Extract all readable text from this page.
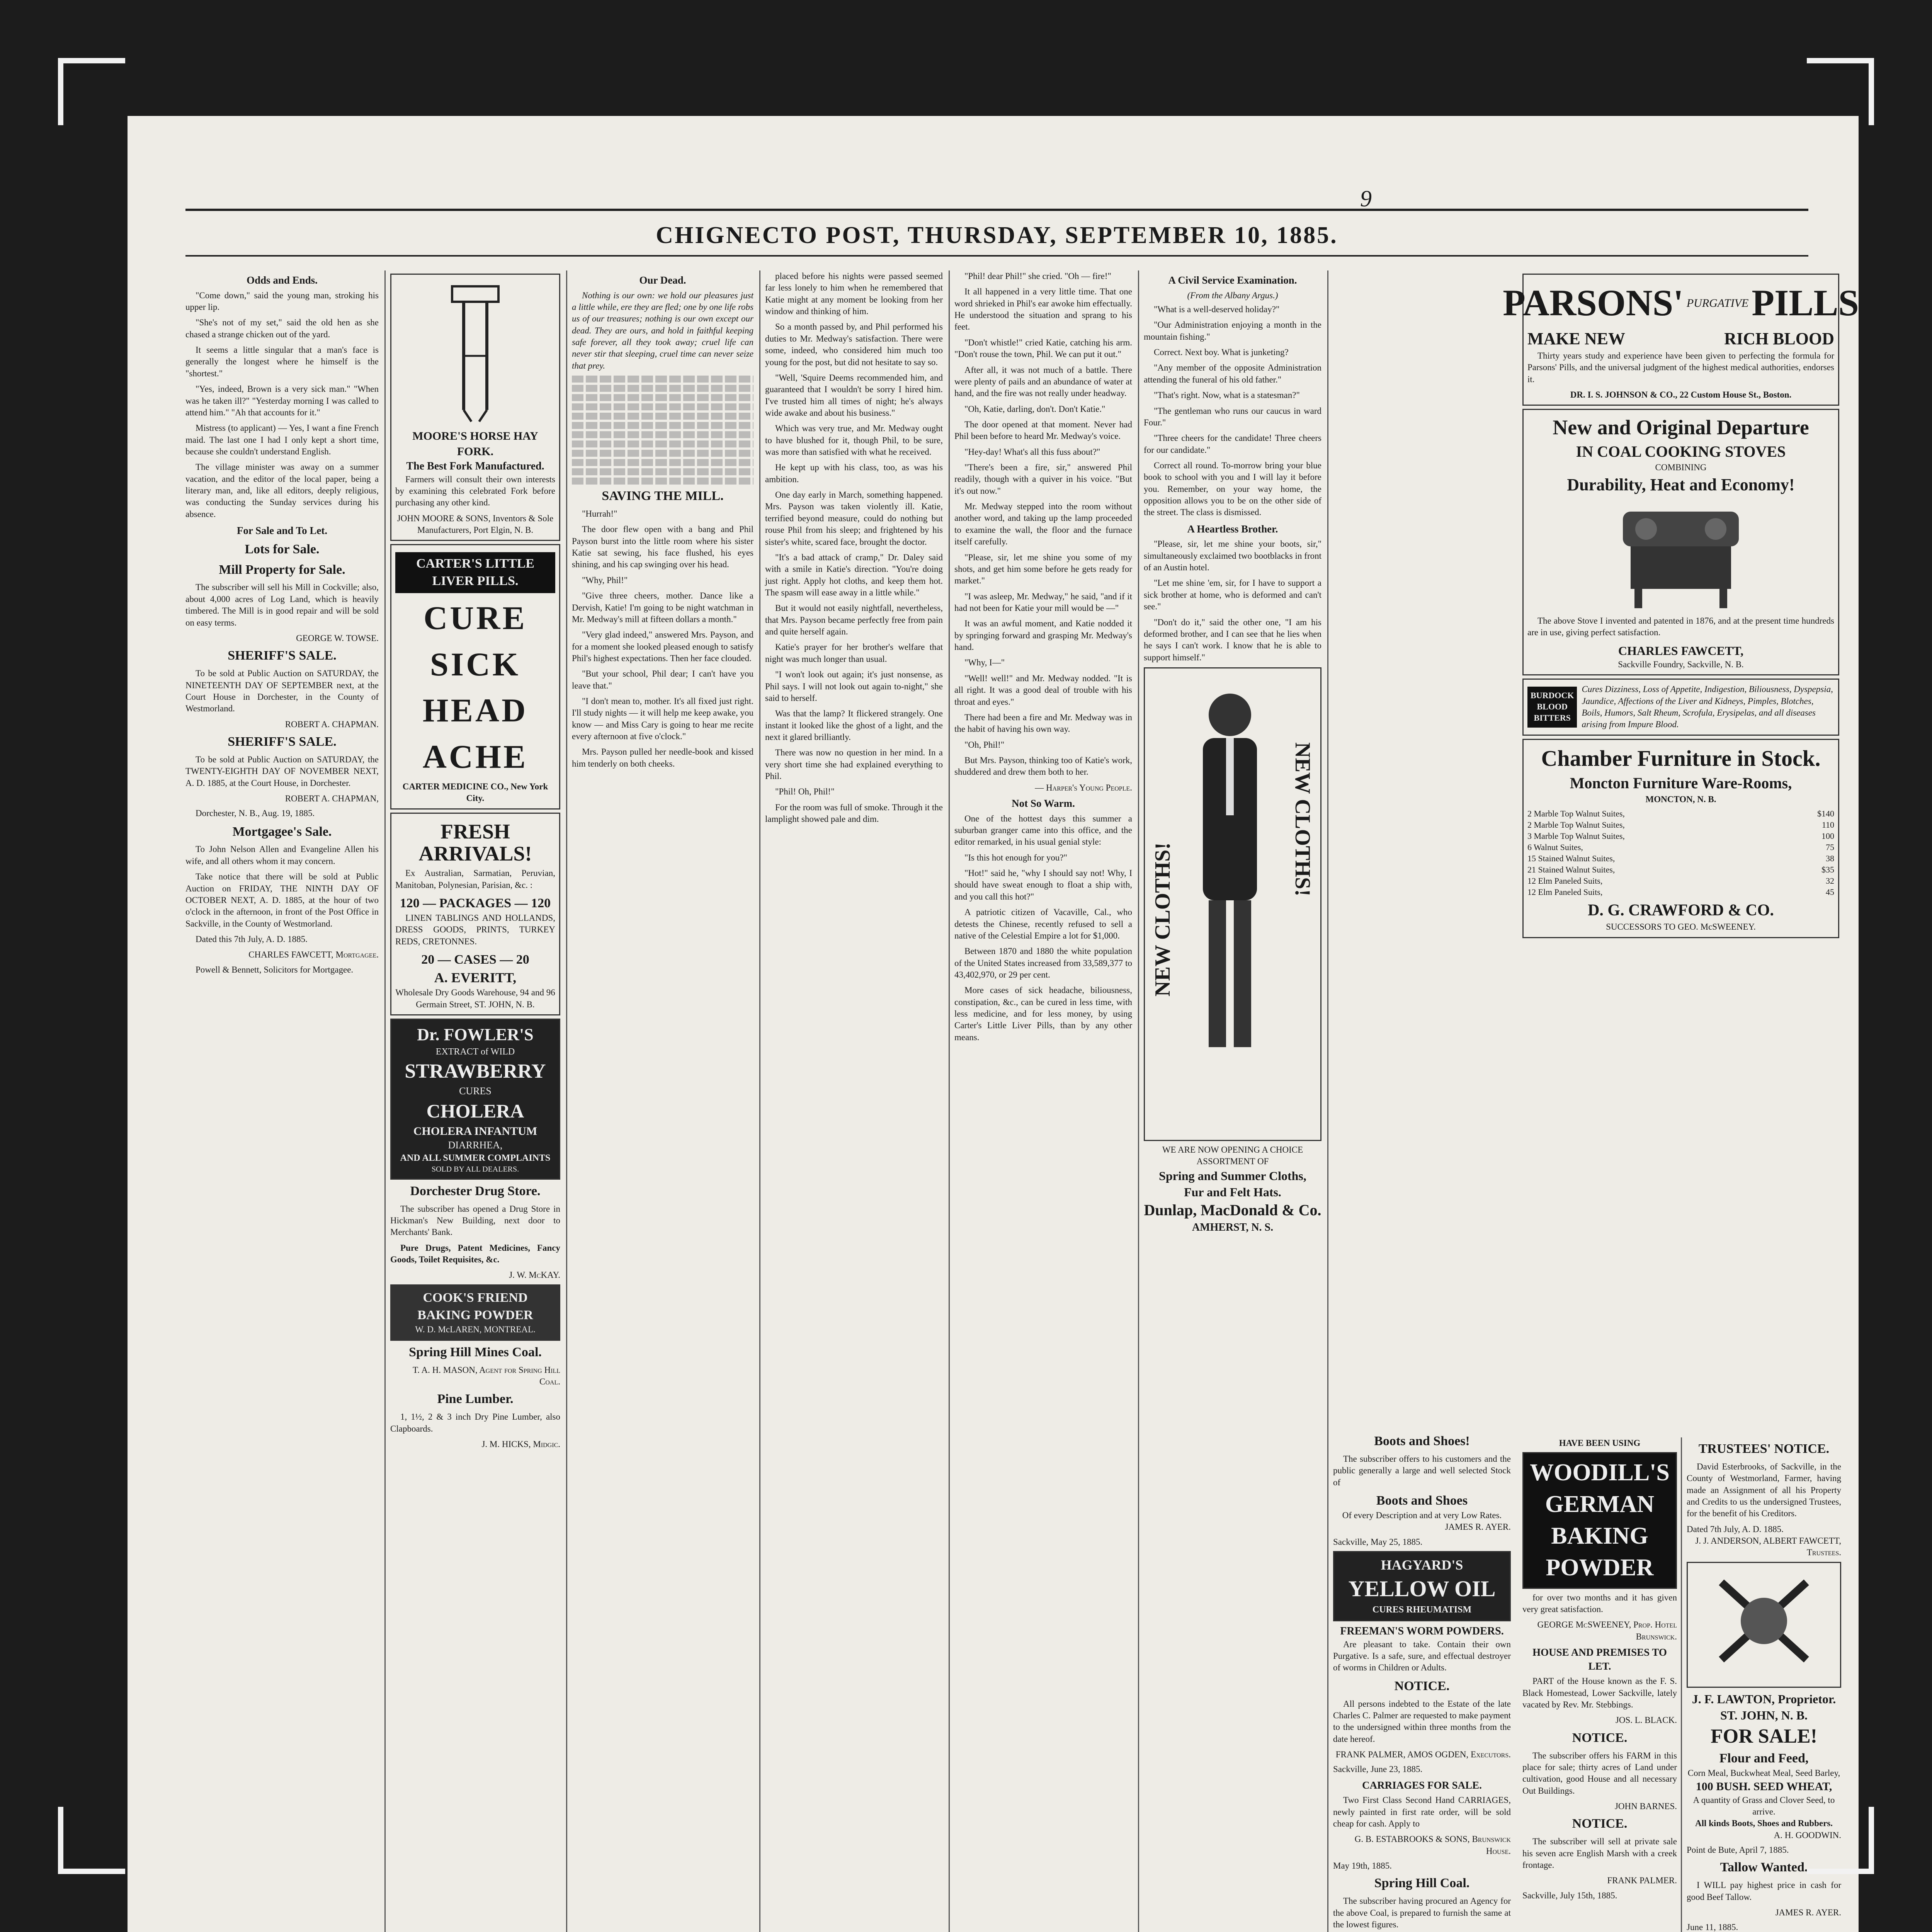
CHIGNECTO POST, THURSDAY, SEPTEMBER 10, 1885.
9
Odds and Ends.

"Come down," said the young man, stroking his upper lip.

"She's not of my set," said the old hen as she chased a strange chicken out of the yard.

It seems a little singular that a man's face is generally the longest where he himself is the "shortest."

"Yes, indeed, Brown is a very sick man." "When was he taken ill?" "Yesterday morning I was called to attend him." "Ah that accounts for it."

Mistress (to applicant) — Yes, I want a fine French maid. The last one I had I only kept a short time, because she couldn't understand English.

The village minister was away on a summer vacation, and the editor of the local paper, being a literary man, and, like all editors, deeply religious, was conducting the Sunday services during his absence.

For Sale and To Let.
Lots for Sale.
Mill Property for Sale.

The subscriber will sell his Mill in Cockville; also, about 4,000 acres of Log Land, which is heavily timbered. The Mill is in good repair and will be sold on easy terms.

GEORGE W. TOWSE.
SHERIFF'S SALE.

To be sold at Public Auction on SATURDAY, the NINETEENTH DAY OF SEPTEMBER next, at the Court House in Dorchester, in the County of Westmorland.

ROBERT A. CHAPMAN.
SHERIFF'S SALE.

To be sold at Public Auction on SATURDAY, the TWENTY-EIGHTH DAY OF NOVEMBER NEXT, A. D. 1885, at the Court House, in Dorchester.

ROBERT A. CHAPMAN,

Dorchester, N. B., Aug. 19, 1885.

Mortgagee's Sale.

To John Nelson Allen and Evangeline Allen his wife, and all others whom it may concern.

Take notice that there will be sold at Public Auction on FRIDAY, THE NINTH DAY OF OCTOBER NEXT, A. D. 1885, at the hour of two o'clock in the afternoon, in front of the Post Office in Sackville, in the County of Westmorland.

Dated this 7th July, A. D. 1885.

CHARLES FAWCETT, Mortgagee.

Powell & Bennett, Solicitors for Mortgagee.

MOORE'S HORSE HAY FORK.
The Best Fork Manufactured.

Farmers will consult their own interests by examining this celebrated Fork before purchasing any other kind.

JOHN MOORE & SONS, Inventors & Sole Manufacturers, Port Elgin, N. B.
CARTER'S LITTLE LIVER PILLS.
CURE
SICK
HEAD
ACHE
CARTER MEDICINE CO., New York City.
FRESH ARRIVALS!

Ex Australian, Sarmatian, Peruvian, Manitoban, Polynesian, Parisian, &c. :

120 — PACKAGES — 120

LINEN TABLINGS AND HOLLANDS, DRESS GOODS, PRINTS, TURKEY REDS, CRETONNES.

20 — CASES — 20
A. EVERITT,
Wholesale Dry Goods Warehouse, 94 and 96 Germain Street, ST. JOHN, N. B.
Dr. FOWLER'S
EXTRACT of WILD
STRAWBERRY
CURES
CHOLERA
CHOLERA INFANTUM
DIARRHEA,
AND ALL SUMMER COMPLAINTS
SOLD BY ALL DEALERS.
Dorchester Drug Store.

The subscriber has opened a Drug Store in Hickman's New Building, next door to Merchants' Bank.

Pure Drugs, Patent Medicines, Fancy Goods, Toilet Requisites, &c.

J. W. McKAY.
COOK'S FRIEND BAKING POWDER
W. D. McLAREN, MONTREAL.
Spring Hill Mines Coal.
T. A. H. MASON, Agent for Spring Hill Coal.
Pine Lumber.

1, 1½, 2 & 3 inch Dry Pine Lumber, also Clapboards.

J. M. HICKS, Midgic.
Our Dead.

Nothing is our own: we hold our pleasures just a little while, ere they are fled; one by one life robs us of our treasures; nothing is our own except our dead. They are ours, and hold in faithful keeping safe forever, all they took away; cruel life can never stir that sleeping, cruel time can never seize that prey.

SAVING THE MILL.

"Hurrah!"

The door flew open with a bang and Phil Payson burst into the little room where his sister Katie sat sewing, his face flushed, his eyes shining, and his cap swinging over his head.

"Why, Phil!"

"Give three cheers, mother. Dance like a Dervish, Katie! I'm going to be night watchman in Mr. Medway's mill at fifteen dollars a month."

"Very glad indeed," answered Mrs. Payson, and for a moment she looked pleased enough to satisfy Phil's highest expectations. Then her face clouded.

"But your school, Phil dear; I can't have you leave that."

"I don't mean to, mother. It's all fixed just right. I'll study nights — it will help me keep awake, you know — and Miss Cary is going to hear me recite every afternoon at five o'clock."

Mrs. Payson pulled her needle-book and kissed him tenderly on both cheeks.

placed before his nights were passed seemed far less lonely to him when he remembered that Katie might at any moment be looking from her window and thinking of him.

So a month passed by, and Phil performed his duties to Mr. Medway's satisfaction. There were some, indeed, who considered him much too young for the post, but did not hesitate to say so.

"Well, 'Squire Deems recommended him, and guaranteed that I wouldn't be sorry I hired him. I've trusted him all times of night; he's always wide awake and about his business."

Which was very true, and Mr. Medway ought to have blushed for it, though Phil, to be sure, was more than satisfied with what he received.

He kept up with his class, too, as was his ambition.

One day early in March, something happened. Mrs. Payson was taken violently ill. Katie, terrified beyond measure, could do nothing but rouse Phil from his sleep; and frightened by his sister's white, scared face, brought the doctor.

"It's a bad attack of cramp," Dr. Daley said with a smile in Katie's direction. "You're doing just right. Apply hot cloths, and keep them hot. The spasm will ease away in a little while."

But it would not easily nightfall, nevertheless, that Mrs. Payson became perfectly free from pain and quite herself again.

Katie's prayer for her brother's welfare that night was much longer than usual.

"I won't look out again; it's just nonsense, as Phil says. I will not look out again to-night," she said to herself.

Was that the lamp? It flickered strangely. One instant it looked like the ghost of a light, and the next it glared brilliantly.

There was now no question in her mind. In a very short time she had explained everything to Phil.

"Phil! Oh, Phil!"

For the room was full of smoke. Through it the lamplight showed pale and dim.

"Phil! dear Phil!" she cried. "Oh — fire!"

It all happened in a very little time. That one word shrieked in Phil's ear awoke him effectually. He understood the situation and sprang to his feet.

"Don't whistle!" cried Katie, catching his arm. "Don't rouse the town, Phil. We can put it out."

After all, it was not much of a battle. There were plenty of pails and an abundance of water at hand, and the fire was not really under headway.

"Oh, Katie, darling, don't. Don't Katie."

The door opened at that moment. Never had Phil been before to heard Mr. Medway's voice.

"Hey-day! What's all this fuss about?"

"There's been a fire, sir," answered Phil readily, though with a quiver in his voice. "But it's out now."

Mr. Medway stepped into the room without another word, and taking up the lamp proceeded to examine the wall, the floor and the furnace itself carefully.

"Please, sir, let me shine you some of my shots, and get him some before he gets ready for market."

"I was asleep, Mr. Medway," he said, "and if it had not been for Katie your mill would be —"

It was an awful moment, and Katie nodded it by springing forward and grasping Mr. Medway's hand.

"Why, I—"

"Well! well!" and Mr. Medway nodded. "It is all right. It was a good deal of trouble with his throat and eyes."

There had been a fire and Mr. Medway was in the habit of having his own way.

"Oh, Phil!"

But Mrs. Payson, thinking too of Katie's work, shuddered and drew them both to her.

— Harper's Young People.
Not So Warm.

One of the hottest days this summer a suburban granger came into this office, and the editor remarked, in his usual genial style:

"Is this hot enough for you?"

"Hot!" said he, "why I should say not! Why, I should have sweat enough to float a ship with, and you call this hot?"

A patriotic citizen of Vacaville, Cal., who detests the Chinese, recently refused to sell a native of the Celestial Empire a lot for $1,000.

Between 1870 and 1880 the white population of the United States increased from 33,589,377 to 43,402,970, or 29 per cent.

More cases of sick headache, biliousness, constipation, &c., can be cured in less time, with less medicine, and for less money, by using Carter's Little Liver Pills, than by any other means.

A Civil Service Examination.
(From the Albany Argus.)

"What is a well-deserved holiday?"

"Our Administration enjoying a month in the mountain fishing."

Correct. Next boy. What is junketing?

"Any member of the opposite Administration attending the funeral of his old father."

"That's right. Now, what is a statesman?"

"The gentleman who runs our caucus in ward Four."

"Three cheers for the candidate! Three cheers for our candidate."

Correct all round. To-morrow bring your blue book to school with you and I will lay it before you. Remember, on your way home, the opposition allows you to be on the other side of the street. The class is dismissed.

A Heartless Brother.

"Please, sir, let me shine your boots, sir," simultaneously exclaimed two bootblacks in front of an Austin hotel.

"Let me shine 'em, sir, for I have to support a sick brother at home, who is deformed and can't see."

"Don't do it," said the other one, "I am his deformed brother, and I can see that he lies when he says I can't work. I know that he is able to support himself."

NEW CLOTHS!
NEW CLOTHS!
WE ARE NOW OPENING A CHOICE ASSORTMENT OF
Spring and Summer Cloths,
Fur and Felt Hats.
Dunlap, MacDonald & Co.
AMHERST, N. S.
Boots and Shoes!

The subscriber offers to his customers and the public generally a large and well selected Stock of

Boots and Shoes
Of every Description and at very Low Rates.
JAMES R. AYER.
Sackville, May 25, 1885.
HAGYARD'S
YELLOW OIL
CURES RHEUMATISM
FREEMAN'S WORM POWDERS.

Are pleasant to take. Contain their own Purgative. Is a safe, sure, and effectual destroyer of worms in Children or Adults.

NOTICE.

All persons indebted to the Estate of the late Charles C. Palmer are requested to make payment to the undersigned within three months from the date hereof.

FRANK PALMER, AMOS OGDEN, Executors.
Sackville, June 23, 1885.
CARRIAGES FOR SALE.

Two First Class Second Hand CARRIAGES, newly painted in first rate order, will be sold cheap for cash. Apply to

G. B. ESTABROOKS & SONS, Brunswick House.
May 19th, 1885.
Spring Hill Coal.

The subscriber having procured an Agency for the above Coal, is prepared to furnish the same at the lowest figures.

PARSONS' PURGATIVE PILLS
MAKE NEW	RICH BLOOD

Thirty years study and experience have been given to perfecting the formula for Parsons' Pills, and the universal judgment of the highest medical authorities, endorses it.

DR. I. S. JOHNSON & CO., 22 Custom House St., Boston.
New and Original Departure
IN COAL COOKING STOVES
COMBINING
Durability, Heat and Economy!

The above Stove I invented and patented in 1876, and at the present time hundreds are in use, giving perfect satisfaction.

CHARLES FAWCETT,
Sackville Foundry, Sackville, N. B.
BURDOCK BLOOD BITTERS
Cures Dizziness, Loss of Appetite, Indigestion, Biliousness, Dyspepsia, Jaundice, Affections of the Liver and Kidneys, Pimples, Blotches, Boils, Humors, Salt Rheum, Scrofula, Erysipelas, and all diseases arising from Impure Blood.
Chamber Furniture in Stock.
Moncton Furniture Ware-Rooms,
MONCTON, N. B.
2 Marble Top Walnut Suites,	$140
2 Marble Top Walnut Suites,	110
3 Marble Top Walnut Suites,	100
6 Walnut Suites,	75
15 Stained Walnut Suites,	38
21 Stained Walnut Suites,	$35
12 Elm Paneled Suits,	32
12 Elm Paneled Suits,	45
D. G. CRAWFORD & CO.
SUCCESSORS TO GEO. McSWEENEY.
HAVE BEEN USING
WOODILL'S
GERMAN
BAKING
POWDER

for over two months and it has given very great satisfaction.

GEORGE McSWEENEY, Prop. Hotel Brunswick.
HOUSE AND PREMISES TO LET.

PART of the House known as the F. S. Black Homestead, Lower Sackville, lately vacated by Rev. Mr. Stebbings.

JOS. L. BLACK.
NOTICE.

The subscriber offers his FARM in this place for sale; thirty acres of Land under cultivation, good House and all necessary Out Buildings.

JOHN BARNES.
NOTICE.

The subscriber will sell at private sale his seven acre English Marsh with a creek frontage.

FRANK PALMER.
Sackville, July 15th, 1885.
TRUSTEES' NOTICE.

David Esterbrooks, of Sackville, in the County of Westmorland, Farmer, having made an Assignment of all his Property and Credits to us the undersigned Trustees, for the benefit of his Creditors.

Dated 7th July, A. D. 1885.
J. J. ANDERSON, ALBERT FAWCETT, Trustees.
J. F. LAWTON, Proprietor.
ST. JOHN, N. B.
FOR SALE!
Flour and Feed,
Corn Meal, Buckwheat Meal, Seed Barley,
100 BUSH. SEED WHEAT,
A quantity of Grass and Clover Seed, to arrive.
All kinds Boots, Shoes and Rubbers.
A. H. GOODWIN.
Point de Bute, April 7, 1885.
Tallow Wanted.

I WILL pay highest price in cash for good Beef Tallow.

JAMES R. AYER.
June 11, 1885.
